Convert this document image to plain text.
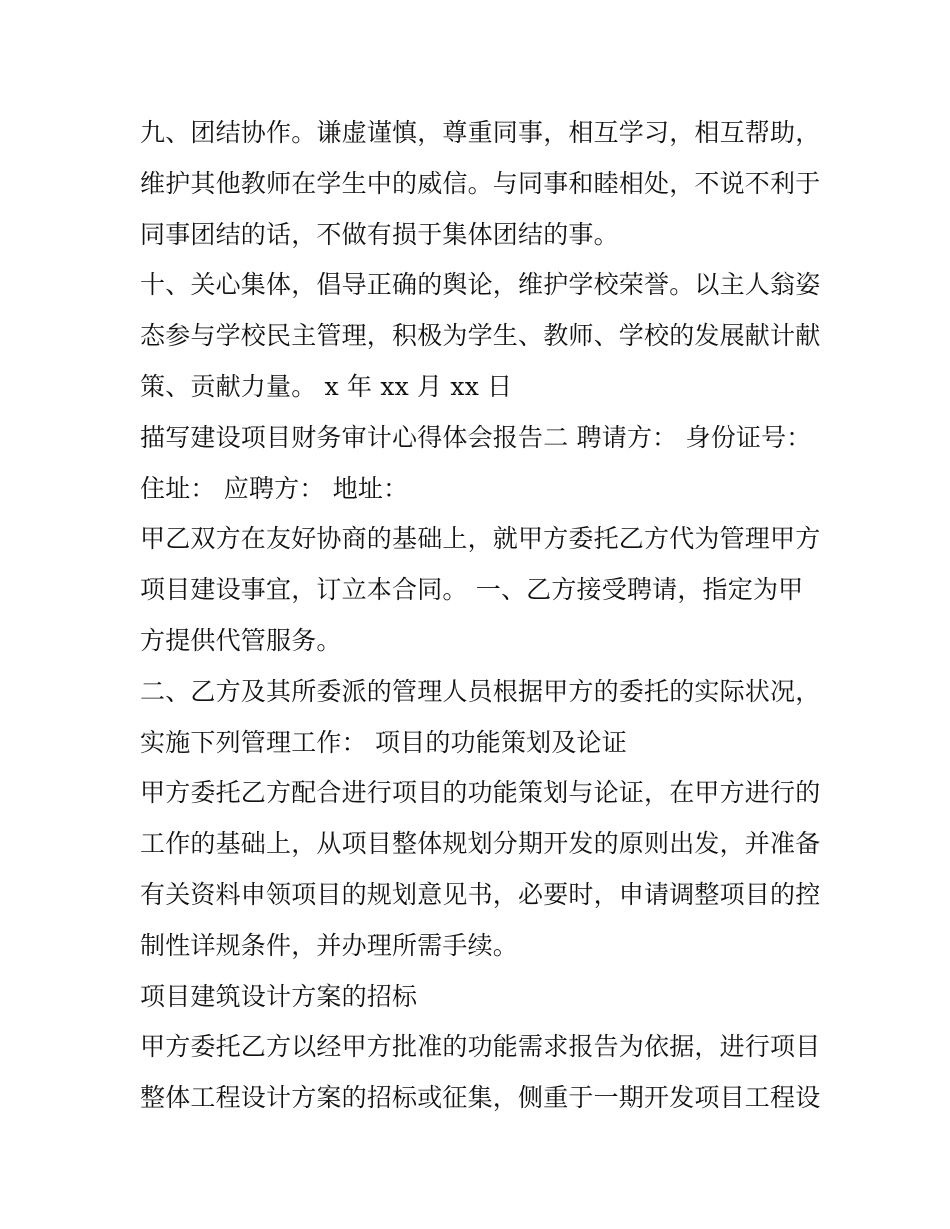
九、团结协作。谦虚谨慎，尊重同事，相互学习，相互帮助，
维护其他教师在学生中的威信。与同事和睦相处，不说不利于
同事团结的话，不做有损于集体团结的事。
十、关心集体，倡导正确的舆论，维护学校荣誉。以主人翁姿
态参与学校民主管理，积极为学生、教师、学校的发展献计献
策、贡献力量。 x 年 xx 月 xx 日
描写建设项目财务审计心得体会报告二 聘请方： 身份证号：
住址： 应聘方： 地址：
甲乙双方在友好协商的基础上，就甲方委托乙方代为管理甲方
项目建设事宜，订立本合同。 一、乙方接受聘请，指定为甲
方提供代管服务。
二、乙方及其所委派的管理人员根据甲方的委托的实际状况，
实施下列管理工作： 项目的功能策划及论证
甲方委托乙方配合进行项目的功能策划与论证，在甲方进行的
工作的基础上，从项目整体规划分期开发的原则出发，并准备
有关资料申领项目的规划意见书，必要时，申请调整项目的控
制性详规条件，并办理所需手续。
项目建筑设计方案的招标
甲方委托乙方以经甲方批准的功能需求报告为依据，进行项目
整体工程设计方案的招标或征集，侧重于一期开发项目工程设
